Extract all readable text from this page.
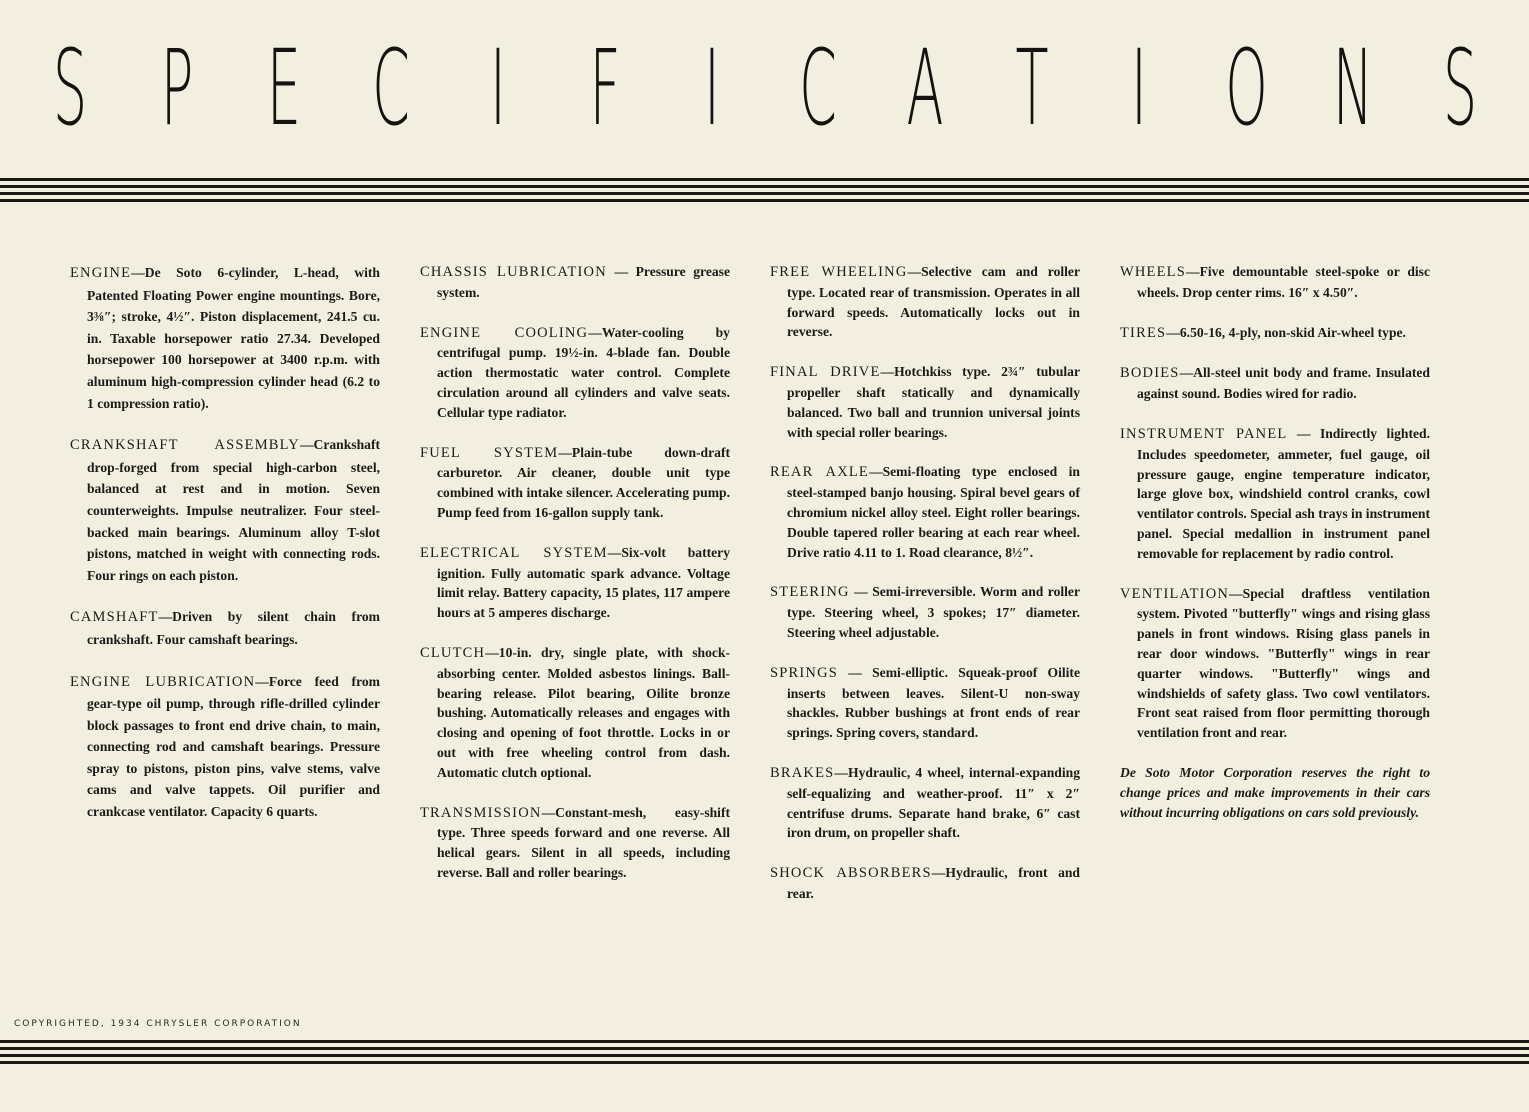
S P E C I F I C A T I O N S

ENGINE—De Soto 6-cylinder, L-head, with Patented Floating Power engine mountings. Bore, 3⅜″; stroke, 4½″. Piston displacement, 241.5 cu. in. Taxable horsepower ratio 27.34. Developed horsepower 100 horsepower at 3400 r.p.m. with aluminum high-compression cylinder head (6.2 to 1 compression ratio).

CRANKSHAFT ASSEMBLY—Crankshaft drop-forged from special high-carbon steel, balanced at rest and in motion. Seven counterweights. Impulse neutralizer. Four steel-backed main bearings. Aluminum alloy T-slot pistons, matched in weight with connecting rods. Four rings on each piston.

CAMSHAFT—Driven by silent chain from crankshaft. Four camshaft bearings.

ENGINE LUBRICATION—Force feed from gear-type oil pump, through rifle-drilled cylinder block passages to front end drive chain, to main, connecting rod and camshaft bearings. Pressure spray to pistons, piston pins, valve stems, valve cams and valve tappets. Oil purifier and crankcase ventilator. Capacity 6 quarts.

CHASSIS LUBRICATION — Pressure grease system.

ENGINE COOLING—Water-cooling by centrifugal pump. 19½-in. 4-blade fan. Double action thermostatic water control. Complete circulation around all cylinders and valve seats. Cellular type radiator.

FUEL SYSTEM—Plain-tube down-draft carburetor. Air cleaner, double unit type combined with intake silencer. Accelerating pump. Pump feed from 16-gallon supply tank.

ELECTRICAL SYSTEM—Six-volt battery ignition. Fully automatic spark advance. Voltage limit relay. Battery capacity, 15 plates, 117 ampere hours at 5 amperes discharge.

CLUTCH—10-in. dry, single plate, with shock-absorbing center. Molded asbestos linings. Ball-bearing release. Pilot bearing, Oilite bronze bushing. Automatically releases and engages with closing and opening of foot throttle. Locks in or out with free wheeling control from dash. Automatic clutch optional.

TRANSMISSION—Constant-mesh, easy-shift type. Three speeds forward and one reverse. All helical gears. Silent in all speeds, including reverse. Ball and roller bearings.

FREE WHEELING—Selective cam and roller type. Located rear of transmission. Operates in all forward speeds. Automatically locks out in reverse.

FINAL DRIVE—Hotchkiss type. 2¾″ tubular propeller shaft statically and dynamically balanced. Two ball and trunnion universal joints with special roller bearings.

REAR AXLE—Semi-floating type enclosed in steel-stamped banjo housing. Spiral bevel gears of chromium nickel alloy steel. Eight roller bearings. Double tapered roller bearing at each rear wheel. Drive ratio 4.11 to 1. Road clearance, 8½″.

STEERING — Semi-irreversible. Worm and roller type. Steering wheel, 3 spokes; 17″ diameter. Steering wheel adjustable.

SPRINGS — Semi-elliptic. Squeak-proof Oilite inserts between leaves. Silent-U non-sway shackles. Rubber bushings at front ends of rear springs. Spring covers, standard.

BRAKES—Hydraulic, 4 wheel, internal-expanding self-equalizing and weather-proof. 11″ x 2″ centrifuse drums. Separate hand brake, 6″ cast iron drum, on propeller shaft.

SHOCK ABSORBERS—Hydraulic, front and rear.

WHEELS—Five demountable steel-spoke or disc wheels. Drop center rims. 16″ x 4.50″.

TIRES—6.50-16, 4-ply, non-skid Air-wheel type.

BODIES—All-steel unit body and frame. Insulated against sound. Bodies wired for radio.

INSTRUMENT PANEL — Indirectly lighted. Includes speedometer, ammeter, fuel gauge, oil pressure gauge, engine temperature indicator, large glove box, windshield control cranks, cowl ventilator controls. Special ash trays in instrument panel. Special medallion in instrument panel removable for replacement by radio control.

VENTILATION—Special draftless ventilation system. Pivoted "butterfly" wings and rising glass panels in front windows. Rising glass panels in rear door windows. "Butterfly" wings in rear quarter windows. "Butterfly" wings and windshields of safety glass. Two cowl ventilators. Front seat raised from floor permitting thorough ventilation front and rear.

De Soto Motor Corporation reserves the right to change prices and make improvements in their cars without incurring obligations on cars sold previously.

COPYRIGHTED, 1934 CHRYSLER CORPORATION
